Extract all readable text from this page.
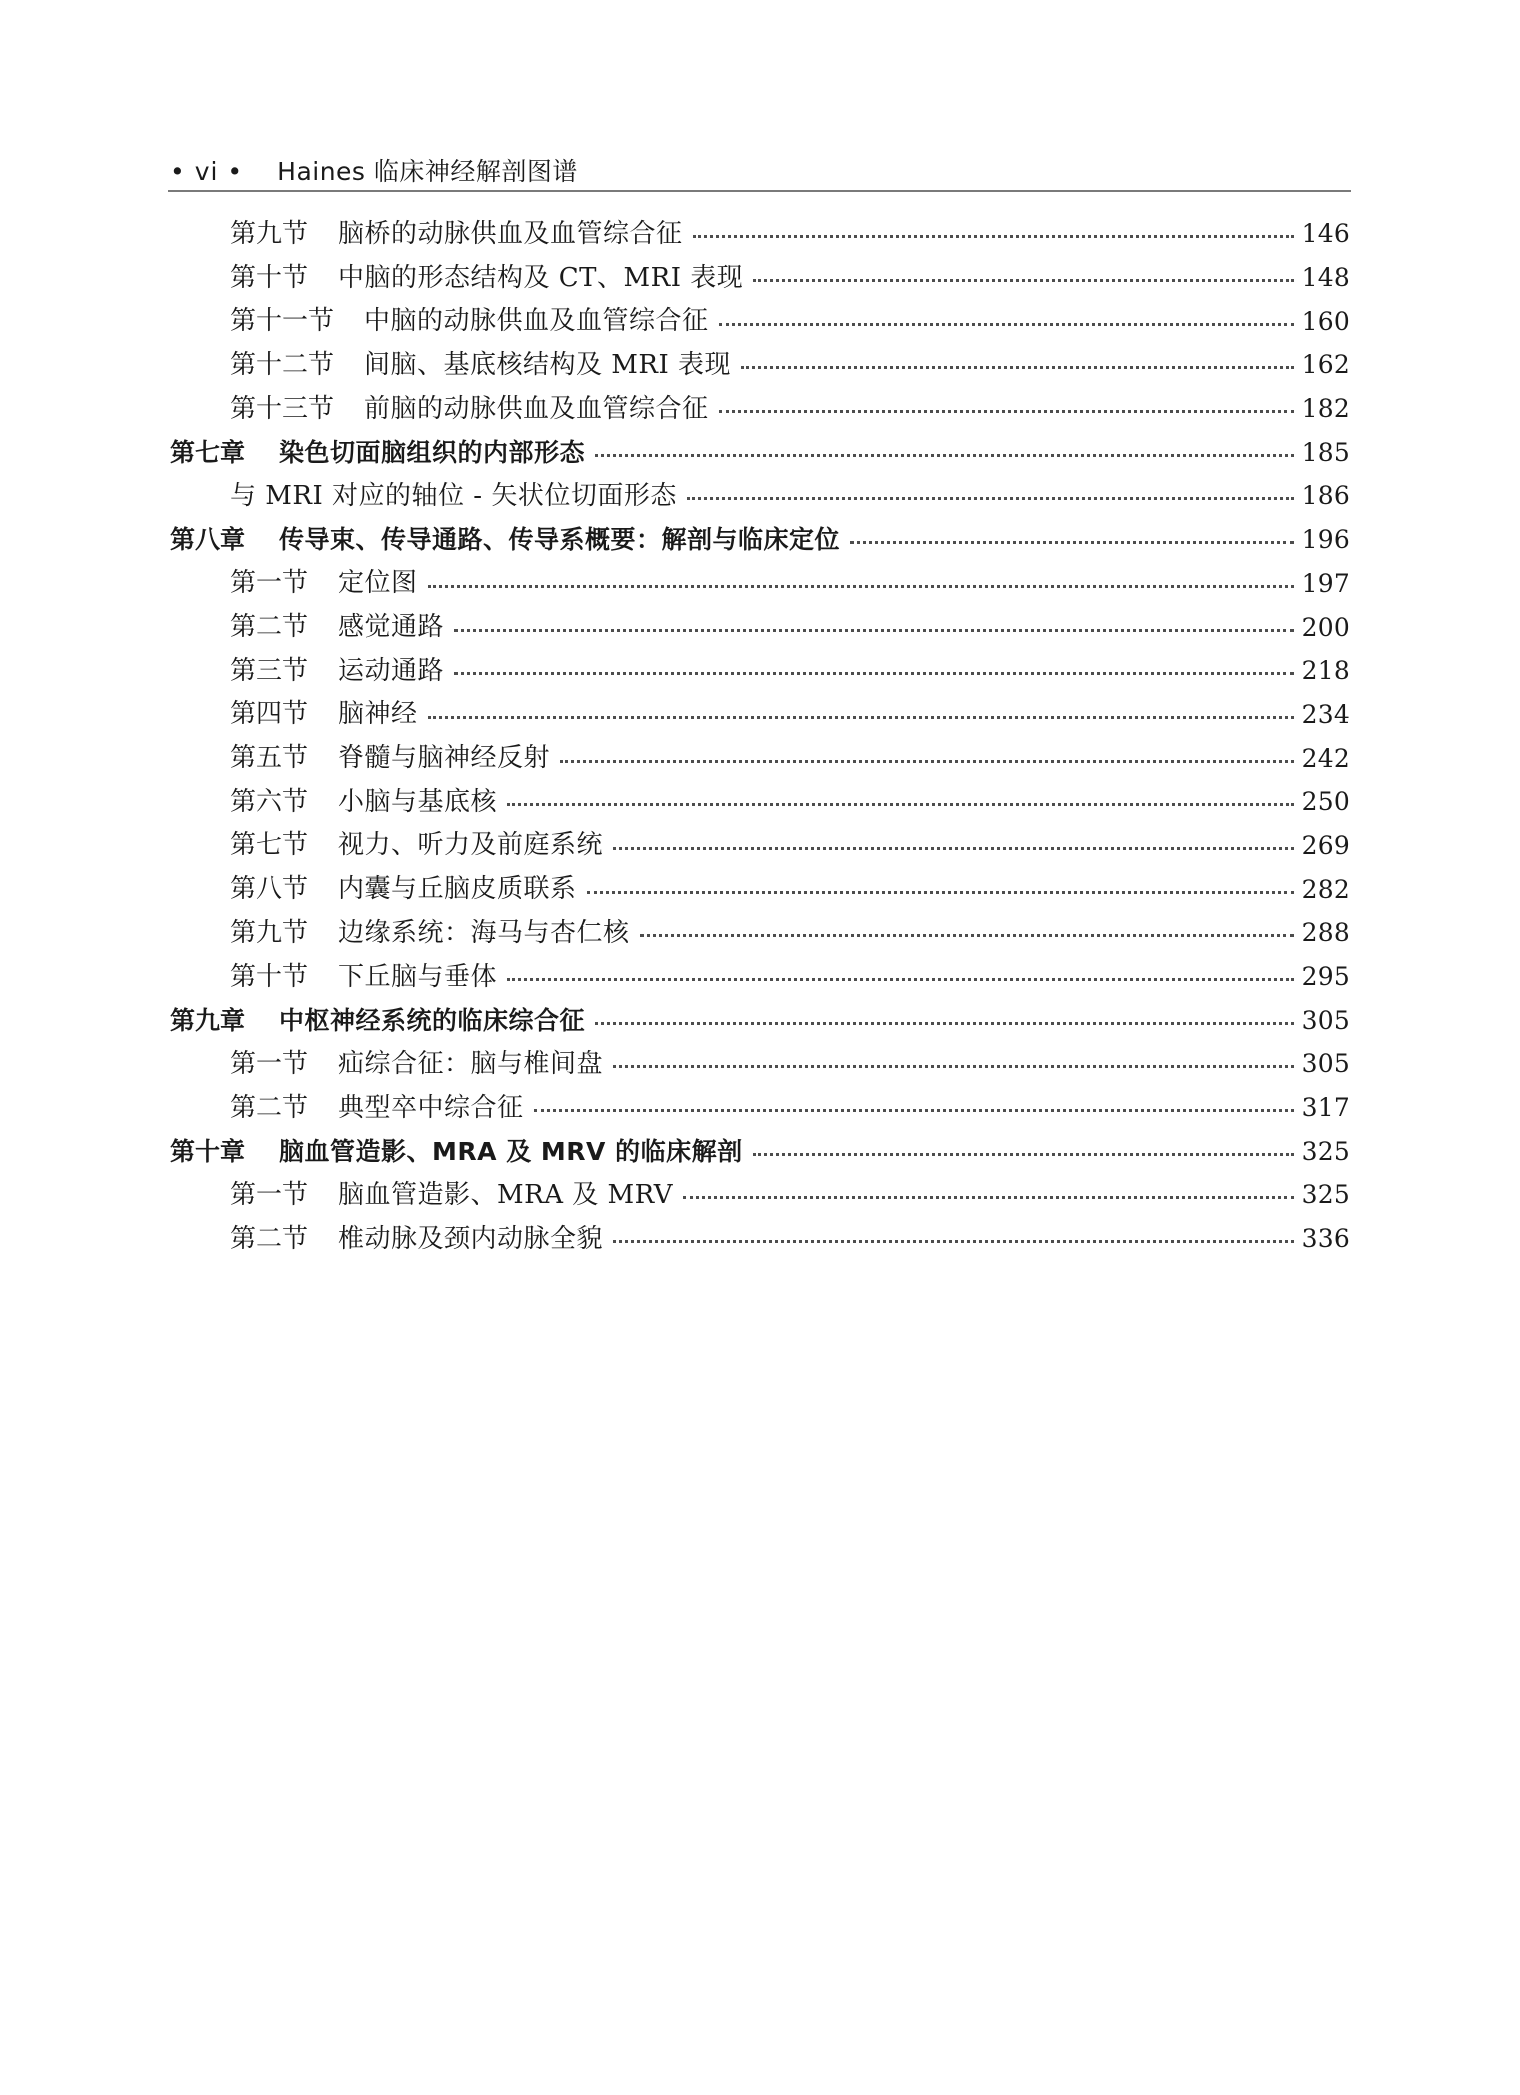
• vi • Haines 临床神经解剖图谱
第九节 脑桥的动脉供血及血管综合征	146
第十节 中脑的形态结构及 CT、MRI 表现	148
第十一节 中脑的动脉供血及血管综合征	160
第十二节 间脑、基底核结构及 MRI 表现	162
第十三节 前脑的动脉供血及血管综合征	182
第七章 染色切面脑组织的内部形态	185
与 MRI 对应的轴位 - 矢状位切面形态	186
第八章 传导束、传导通路、传导系概要：解剖与临床定位	196
第一节 定位图	197
第二节 感觉通路	200
第三节 运动通路	218
第四节 脑神经	234
第五节 脊髓与脑神经反射	242
第六节 小脑与基底核	250
第七节 视力、听力及前庭系统	269
第八节 内囊与丘脑皮质联系	282
第九节 边缘系统：海马与杏仁核	288
第十节 下丘脑与垂体	295
第九章 中枢神经系统的临床综合征	305
第一节 疝综合征：脑与椎间盘	305
第二节 典型卒中综合征	317
第十章 脑血管造影、MRA 及 MRV 的临床解剖	325
第一节 脑血管造影、MRA 及 MRV	325
第二节 椎动脉及颈内动脉全貌	336
